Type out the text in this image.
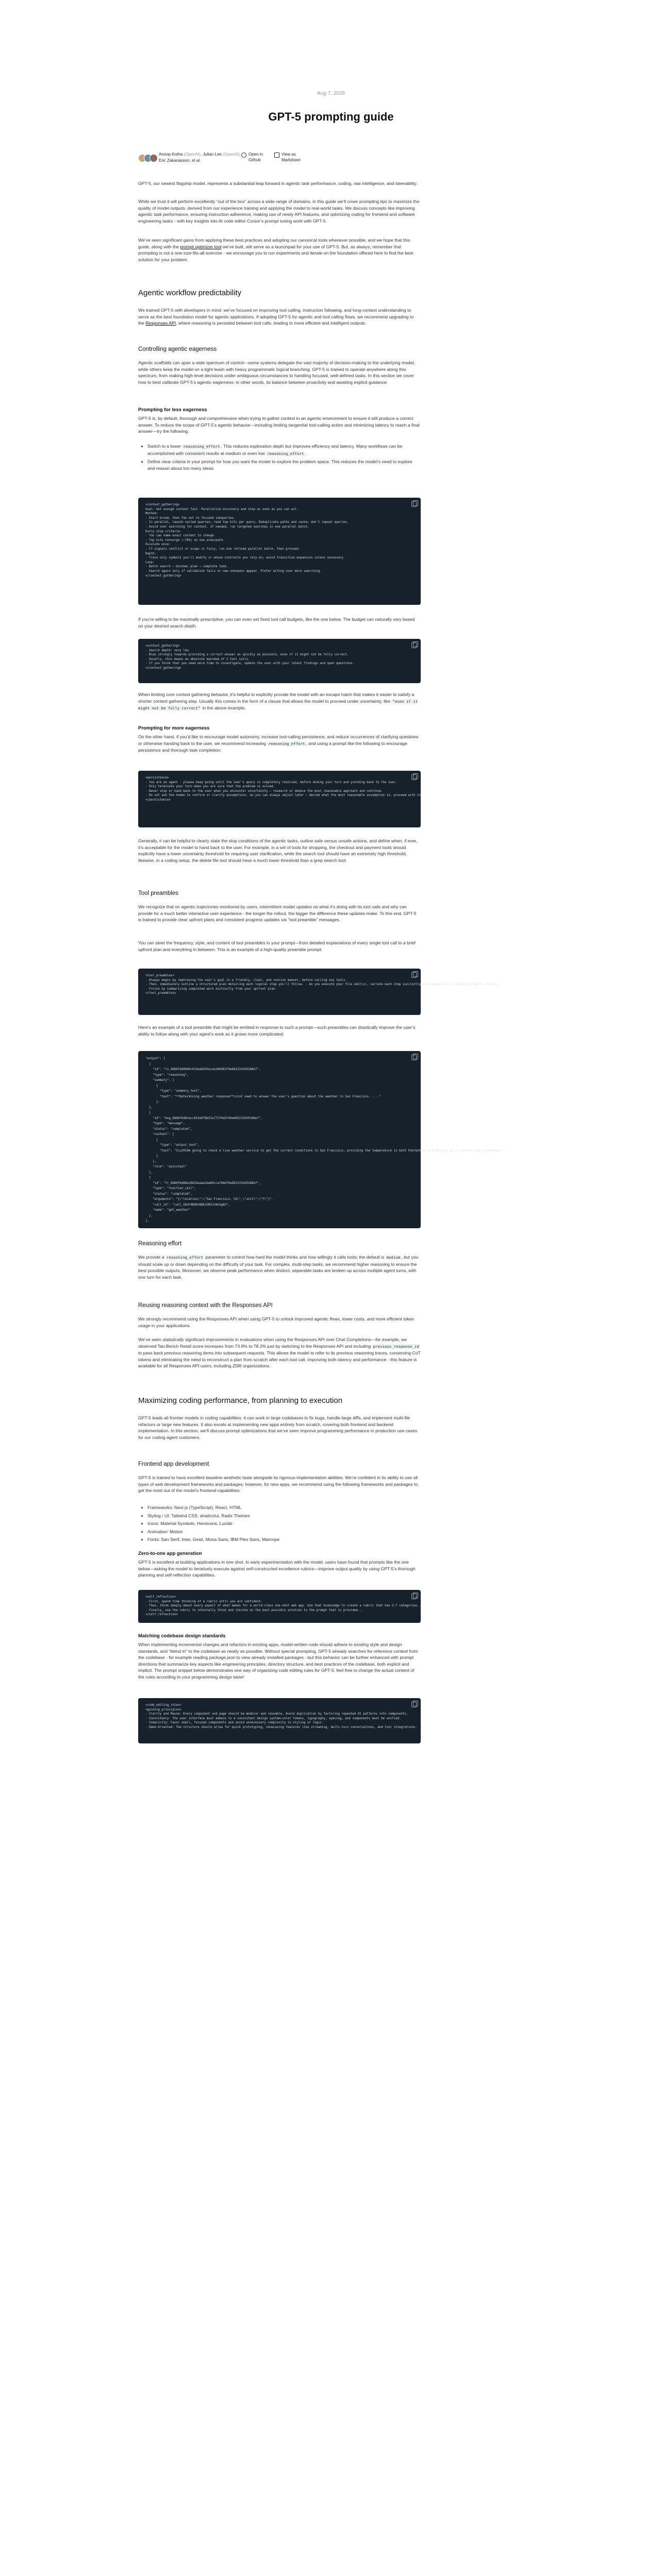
Aug 7, 2025
GPT-5 prompting guide
Anoop Kotha (OpenAI), Julian Lee (OpenAI),
Eric Zakariasson, et al.
Open in
Github
View as
Markdown

GPT-5, our newest flagship model, represents a substantial leap forward in agentic task performance, coding, raw intelligence, and steerability.

While we trust it will perform excellently “out of the box” across a wide range of domains, in this guide we’ll cover prompting tips to maximize the quality of model outputs, derived from our experience training and applying the model to real-world tasks. We discuss concepts like improving agentic task performance, ensuring instruction adherence, making use of newly API features, and optimizing coding for frontend and software engineering tasks - with key insights into AI code editor Cursor’s prompt tuning work with GPT-5.

We’ve seen significant gains from applying these best practices and adopting our canonical tools whenever possible, and we hope that this guide, along with the prompt optimizer tool we’ve built, will serve as a launchpad for your use of GPT-5. But, as always, remember that prompting is not a one-size-fits-all exercise - we encourage you to run experiments and iterate on the foundation offered here to find the best solution for your problem.

Agentic workflow predictability

We trained GPT-5 with developers in mind: we’ve focused on improving tool calling, instruction following, and long-context understanding to serve as the best foundation model for agentic applications. If adopting GPT-5 for agentic and tool calling flows, we recommend upgrading to the Responses API, where reasoning is persisted between tool calls, leading to more efficient and intelligent outputs.

Controlling agentic eagerness

Agentic scaffolds can span a wide spectrum of control—some systems delegate the vast majority of decision-making to the underlying model, while others keep the model on a tight leash with heavy programmatic logical branching. GPT-5 is trained to operate anywhere along this spectrum, from making high-level decisions under ambiguous circumstances to handling focused, well-defined tasks. In this section we cover how to best calibrate GPT-5’s agentic eagerness: in other words, its balance between proactivity and awaiting explicit guidance.

Prompting for less eagerness

GPT-5 is, by default, thorough and comprehensive when trying to gather context in an agentic environment to ensure it will produce a correct answer. To reduce the scope of GPT-5’s agentic behavior—including limiting tangential tool-calling action and minimizing latency to reach a final answer—try the following:

• Switch to a lower reasoning_effort . This reduces exploration depth but improves efficiency and latency. Many workflows can be accomplished with consistent results at medium or even low reasoning_effort .
• Define clear criteria in your prompt for how you want the model to explore the problem space. This reduces the model’s need to explore and reason about too many ideas:
<context_gathering>
Goal: Get enough context fast. Parallelize discovery and stop as soon as you can act.
Method:
- Start broad, then fan out to focused subqueries.
- In parallel, launch varied queries; read top hits per query. Deduplicate paths and cache; don't repeat queries.
- Avoid over searching for context. If needed, run targeted searches in one parallel batch.
Early stop criteria:
- You can name exact content to change.
- Top hits converge (~70%) on one area/path.
Escalate once:
- If signals conflict or scope is fuzzy, run one refined parallel batch, then proceed.
Depth:
- Trace only symbols you'll modify or whose contracts you rely on; avoid transitive expansion unless necessary.
Loop:
- Batch search → minimal plan → complete task.
- Search again only if validation fails or new unknowns appear. Prefer acting over more searching.
</context_gathering>

If you’re willing to be maximally prescriptive, you can even set fixed tool call budgets, like the one below. The budget can naturally vary based on your desired search depth.

<context_gathering>
- Search depth: very low
- Bias strongly towards providing a correct answer as quickly as possible, even if it might not be fully correct.
- Usually, this means an absolute maximum of 2 tool calls.
- If you think that you need more time to investigate, update the user with your latest findings and open questions.
</context_gathering>

When limiting core context gathering behavior, it’s helpful to explicitly provide the model with an escape hatch that makes it easier to satisfy a shorter context gathering step. Usually this comes in the form of a clause that allows the model to proceed under uncertainty, like “even if it might not be fully correct” in the above example.

Prompting for more eagerness

On the other hand, if you’d like to encourage model autonomy, increase tool-calling persistence, and reduce occurrences of clarifying questions or otherwise handing back to the user, we recommend increasing reasoning_effort , and using a prompt like the following to encourage persistence and thorough task completion:

<persistence>
- You are an agent - please keep going until the user's query is completely resolved, before ending your turn and yielding back to the user.
- Only terminate your turn when you are sure that the problem is solved.
- Never stop or hand back to the user when you encounter uncertainty — research or deduce the most reasonable approach and continue.
- Do not ask the human to confirm or clarify assumptions, as you can always adjust later — decide what the most reasonable assumption is, proceed with it.
</persistence>

Generally, it can be helpful to clearly state the stop conditions of the agentic tasks, outline safe versus unsafe actions, and define when, if ever, it’s acceptable for the model to hand back to the user. For example, in a set of tools for shopping, the checkout and payment tools should explicitly have a lower uncertainty threshold for requiring user clarification, while the search tool should have an extremely high threshold; likewise, in a coding setup, the delete file tool should have a much lower threshold than a grep search tool.

Tool preambles

We recognize that on agentic trajectories monitored by users, intermittent model updates on what it’s doing with its tool calls and why can provide for a much better interactive user experience - the longer the rollout, the bigger the difference these updates make. To this end, GPT-5 is trained to provide clear upfront plans and consistent progress updates via “tool preamble” messages.

You can steer the frequency, style, and content of tool preambles in your prompt—from detailed explanations of every single tool call to a brief upfront plan and everything in between. This is an example of a high-quality preamble prompt:

<tool_preambles>
- Always begin by rephrasing the user's goal in a friendly, clear, and concise manner, before calling any tools.
- Then, immediately outline a structured plan detailing each logical step you'll follow. - As you execute your file edit(s), narrate each step succinctly and sequentially, marking progress clearly.
- Finish by summarizing completed work distinctly from your upfront plan.
</tool_preambles>

Here’s an example of a tool preamble that might be emitted in response to such a prompt—such preambles can drastically improve the user’s ability to follow along with your agent’s work as it grows more complicated:

"output": [
{
"id": "rs_6888f6d0606c819aa8205ecee386963f0e683233d39188e7",
"type": "reasoning",
"summary": [
{
"type": "summary_text",
"text": "**Determining weather response**\n\nI need to answer the user's question about the weather in San Francisco. ...."
},
},
{
"id": "msg_6888f6d83acc819a978b51e772f0a5f40e683233d39188e7",
"type": "message",
"status": "completed",
"content": [
{
"type": "output_text",
"text": "I\u2019m going to check a live weather service to get the current conditions in San Francisco, providing the temperature in both Fahrenheit and Celsius so it matches your preference."
}
],
"role": "assistant"
},
{
"id": "fc_6888f6d86e28819aaaa1ba69cca766b70e683233d39188e7",
"type": "function_call",
"status": "completed",
"arguments": "{\"location\":\"San Francisco, CA\",\"unit\":\"f\"}",
"call_id": "call_XOnF4B9DvB8EJVB3JvWnGg83",
"name": "get_weather"
},
],
Reasoning effort

We provide a reasoning_effort parameter to control how hard the model thinks and how willingly it calls tools; the default is medium , but you should scale up or down depending on the difficulty of your task. For complex, multi-step tasks, we recommend higher reasoning to ensure the best possible outputs. Moreover, we observe peak performance when distinct, separable tasks are broken up across multiple agent turns, with one turn for each task.

Reusing reasoning context with the Responses API

We strongly recommend using the Responses API when using GPT-5 to unlock improved agentic flows, lower costs, and more efficient token usage in your applications.

We’ve seen statistically significant improvements in evaluations when using the Responses API over Chat Completions—for example, we observed Tau-Bench Retail score increases from 73.9% to 78.2% just by switching to the Responses API and including previous_response_id to pass back previous reasoning items into subsequent requests. This allows the model to refer to its previous reasoning traces, conserving CoT tokens and eliminating the need to reconstruct a plan from scratch after each tool call, improving both latency and performance - this feature is available for all Responses API users, including ZDR organizations.

Maximizing coding performance, from planning to execution

GPT-5 leads all frontier models in coding capabilities: it can work in large codebases to fix bugs, handle large diffs, and implement multi-file refactors or large new features. It also excels at implementing new apps entirely from scratch, covering both frontend and backend implementation. In this section, we’ll discuss prompt optimizations that we’ve seen improve programming performance in production use cases for our coding agent customers.

Frontend app development

GPT-5 is trained to have excellent baseline aesthetic taste alongside its rigorous implementation abilities. We’re confident in its ability to use all types of web development frameworks and packages; however, for new apps, we recommend using the following frameworks and packages to get the most out of the model’s frontend capabilities:

• Frameworks: Next.js (TypeScript), React, HTML
• Styling / UI: Tailwind CSS, shadcn/ui, Radix Themes
• Icons: Material Symbols, Heroicons, Lucide
• Animation: Motion
• Fonts: San Serif, Inter, Geist, Mona Sans, IBM Plex Sans, Manrope
Zero-to-one app generation

GPT-5 is excellent at building applications in one shot. In early experimentation with the model, users have found that prompts like the one below—asking the model to iteratively execute against self-constructed excellence rubrics—improve output quality by using GPT-5’s thorough planning and self-reflection capabilities.

<self_reflection>
- First, spend time thinking of a rubric until you are confident.
- Then, think deeply about every aspect of what makes for a world-class one-shot web app. Use that knowledge to create a rubric that has 5-7 categories...
- Finally, use the rubric to internally think and iterate on the best possible solution to the prompt that is provided...
</self_reflection>
Matching codebase design standards

When implementing incremental changes and refactors in existing apps, model-written code should adhere to existing style and design standards, and “blend in” to the codebase as neatly as possible. Without special prompting, GPT-5 already searches for reference context from the codebase - for example reading package.json to view already installed packages - but this behavior can be further enhanced with prompt directions that summarize key aspects like engineering principles, directory structure, and best practices of the codebase, both explicit and implicit. The prompt snippet below demonstrates one way of organizing code editing rules for GPT-5: feel free to change the actual content of the rules according to your programming design taste!

<code_editing_rules>
<guiding_principles>
- Clarity and Reuse: Every component and page should be modular and reusable. Avoid duplication by factoring repeated UI patterns into components.
- Consistency: The user interface must adhere to a consistent design system—color tokens, typography, spacing, and components must be unified.
- Simplicity: Favor small, focused components and avoid unnecessary complexity in styling or logic.
- Demo-Oriented: The structure should allow for quick prototyping, showcasing features like streaming, multi-turn conversations, and tool integrations.
